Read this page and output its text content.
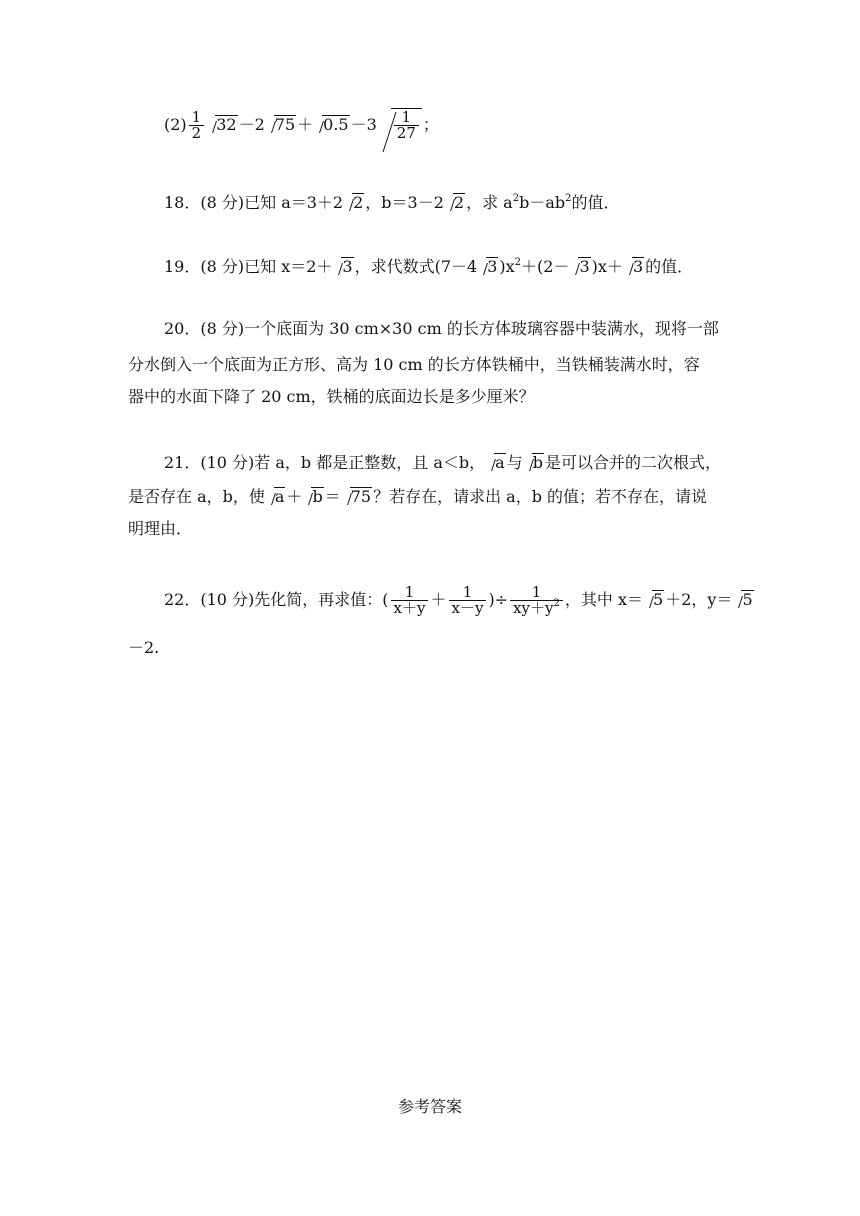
$(2) \frac{1}{2} 32 -2$ $75 + 0.5 -3 \frac{1}{27}$ ；
18．(8 分)已知 a＝3＋2 2 ，b＝3－2 2 ，求 $a^2b-ab^2$的值．
19．(8 分)已知 x＝2＋ 3 ，求代数式(7－4 3 )$x^2+(2- 3$ )x＋ 3 的值．
20．(8 分)一个底面为 30 cm×30 cm 的长方体玻璃容器中装满水，现将一部
分水倒入一个底面为正方形、高为 10 cm 的长方体铁桶中，当铁桶装满水时，容
器中的水面下降了 20 cm，铁桶的底面边长是多少厘米？
21．(10 分)若 a，b 都是正整数，且 a＜b， a 与 b 是可以合并的二次根式，
是否存在 a，b，使 a ＋ b ＝ 75 ？若存在，请求出 a，b 的值；若不存在，请说
明理由．
22．(10 分)先化简，再求值：( $\frac{1}{x+y} + \frac{1}{x-y}$ )÷ $\frac{1}{xy+y^2}$ ，其中 x＝ 5 ＋2，y＝ 5
－2.
参考答案
